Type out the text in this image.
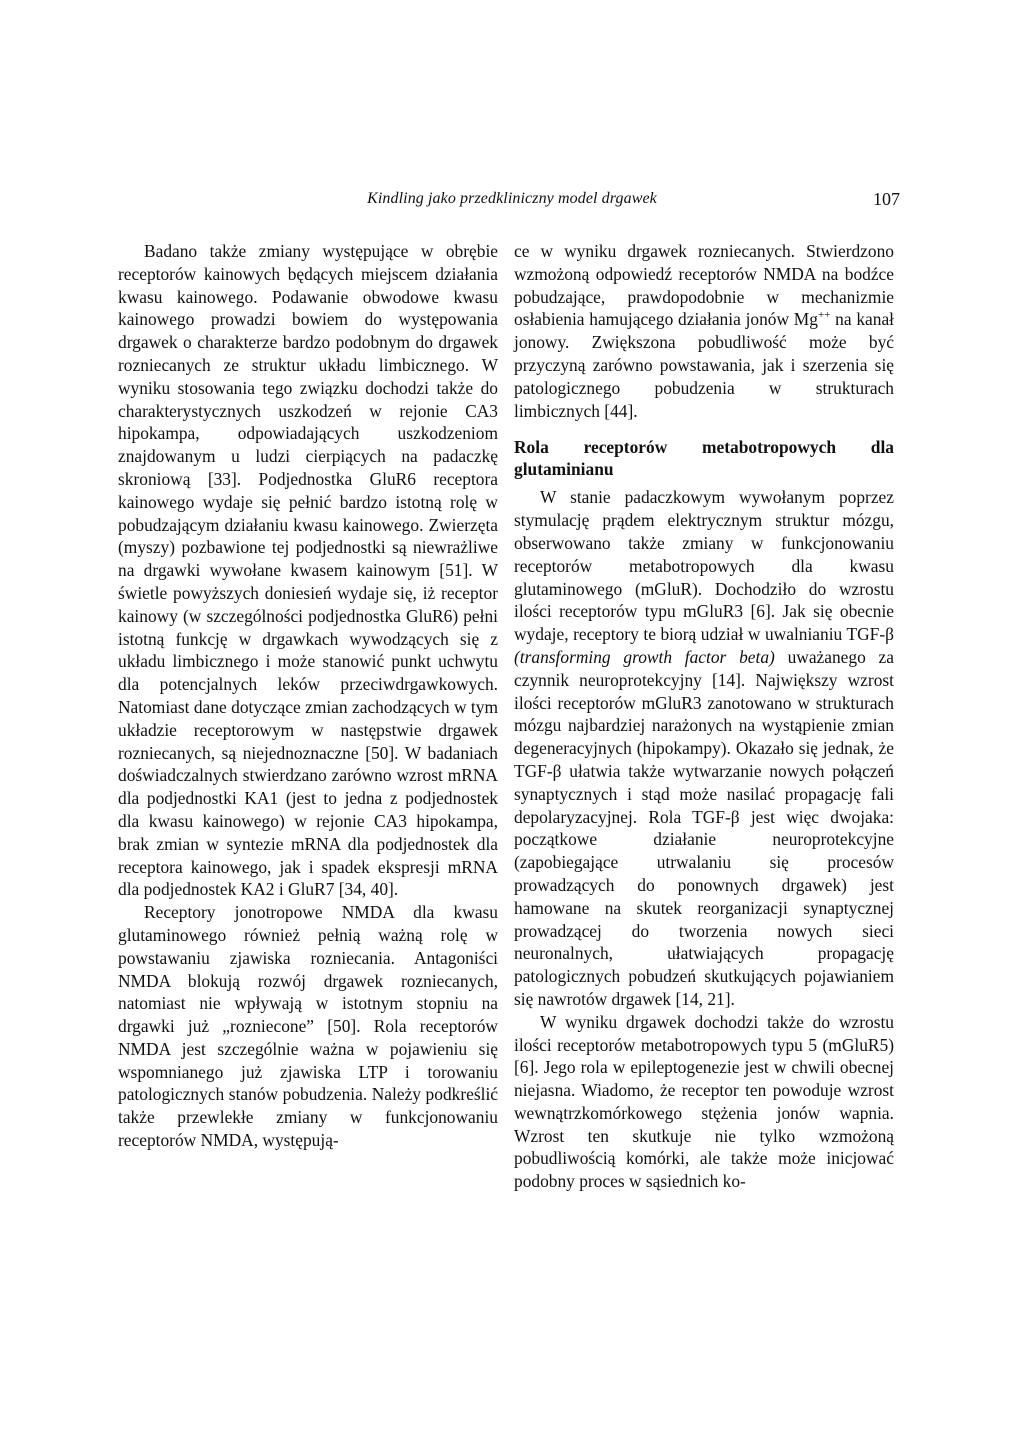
Kindling jako przedkliniczny model drgawek	107

Badano także zmiany występujące w obrębie receptorów kainowych będących miejscem działania kwasu kainowego. Podawanie obwodowe kwasu kainowego prowadzi bowiem do występowania drgawek o charakterze bardzo podobnym do drgawek rozniecanych ze struktur układu limbicznego. W wyniku stosowania tego związku dochodzi także do charakterystycznych uszkodzeń w rejonie CA3 hipokampa, odpowiadających uszkodzeniom znajdowanym u ludzi cierpiących na padaczkę skroniową [33]. Podjednostka GluR6 receptora kainowego wydaje się pełnić bardzo istotną rolę w pobudzającym działaniu kwasu kainowego. Zwierzęta (myszy) pozbawione tej podjednostki są niewrażliwe na drgawki wywołane kwasem kainowym [51]. W świetle powyższych doniesień wydaje się, iż receptor kainowy (w szczególności podjednostka GluR6) pełni istotną funkcję w drgawkach wywodzących się z układu limbicznego i może stanowić punkt uchwytu dla potencjalnych leków przeciwdrgawkowych. Natomiast dane dotyczące zmian zachodzących w tym układzie receptorowym w następstwie drgawek rozniecanych, są niejednoznaczne [50]. W badaniach doświadczalnych stwierdzano zarówno wzrost mRNA dla podjednostki KA1 (jest to jedna z podjednostek dla kwasu kainowego) w rejonie CA3 hipokampa, brak zmian w syntezie mRNA dla podjednostek dla receptora kainowego, jak i spadek ekspresji mRNA dla podjednostek KA2 i GluR7 [34, 40].

Receptory jonotropowe NMDA dla kwasu glutaminowego również pełnią ważną rolę w powstawaniu zjawiska rozniecania. Antagoniści NMDA blokują rozwój drgawek rozniecanych, natomiast nie wpływają w istotnym stopniu na drgawki już „rozniecone” [50]. Rola receptorów NMDA jest szczególnie ważna w pojawieniu się wspomnianego już zjawiska LTP i torowaniu patologicznych stanów pobudzenia. Należy podkreślić także przewlekłe zmiany w funkcjonowaniu receptorów NMDA, występują-

ce w wyniku drgawek rozniecanych. Stwierdzono wzmożoną odpowiedź receptorów NMDA na bodźce pobudzające, prawdopodobnie w mechanizmie osłabienia hamującego działania jonów Mg++ na kanał jonowy. Zwiększona pobudliwość może być przyczyną zarówno powstawania, jak i szerzenia się patologicznego pobudzenia w strukturach limbicznych [44].

Rola receptorów metabotropowych dla glutaminianu

W stanie padaczkowym wywołanym poprzez stymulację prądem elektrycznym struktur mózgu, obserwowano także zmiany w funkcjonowaniu receptorów metabotropowych dla kwasu glutaminowego (mGluR). Dochodziło do wzrostu ilości receptorów typu mGluR3 [6]. Jak się obecnie wydaje, receptory te biorą udział w uwalnianiu TGF-β (transforming growth factor beta) uważanego za czynnik neuroprotekcyjny [14]. Największy wzrost ilości receptorów mGluR3 zanotowano w strukturach mózgu najbardziej narażonych na wystąpienie zmian degeneracyjnych (hipokampy). Okazało się jednak, że TGF-β ułatwia także wytwarzanie nowych połączeń synaptycznych i stąd może nasilać propagację fali depolaryzacyjnej. Rola TGF-β jest więc dwojaka: początkowe działanie neuroprotekcyjne (zapobiegające utrwalaniu się procesów prowadzących do ponownych drgawek) jest hamowane na skutek reorganizacji synaptycznej prowadzącej do tworzenia nowych sieci neuronalnych, ułatwiających propagację patologicznych pobudzeń skutkujących pojawianiem się nawrotów drgawek [14, 21].

W wyniku drgawek dochodzi także do wzrostu ilości receptorów metabotropowych typu 5 (mGluR5) [6]. Jego rola w epileptogenezie jest w chwili obecnej niejasna. Wiadomo, że receptor ten powoduje wzrost wewnątrzkomórkowego stężenia jonów wapnia. Wzrost ten skutkuje nie tylko wzmożoną pobudliwością komórki, ale także może inicjować podobny proces w sąsiednich ko-
